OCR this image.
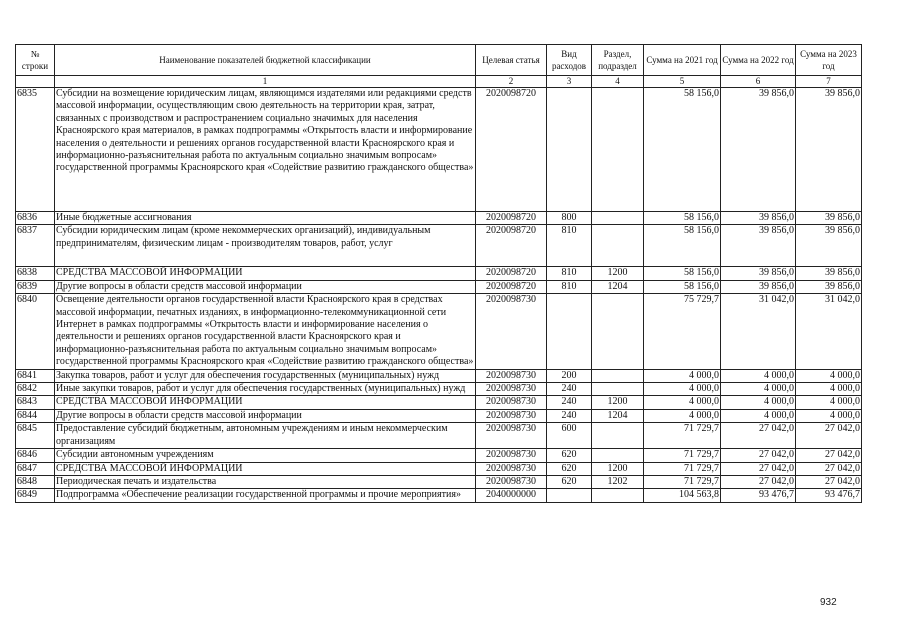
№ строки	Наименование показателей бюджетной классификации	Целевая статья	Вид расходов	Раздел, подраздел	Сумма на 2021 год	Сумма на 2022 год	Сумма на 2023 год
	1	2	3	4	5	6	7
6835	Субсидии на возмещение юридическим лицам, являющимся издателями или редакциями средств массовой информации, осуществляющим свою деятельность на территории края, затрат, связанных с производством и распространением социально значимых для населения Красноярского края материалов, в рамках подпрограммы «Открытость власти и информирование населения о деятельности и решениях органов государственной власти Красноярского края и информационно-разъяснительная работа по актуальным социально значимым вопросам» государственной программы Красноярского края «Содействие развитию гражданского общества»	2020098720			58 156,0	39 856,0	39 856,0
6836	Иные бюджетные ассигнования	2020098720	800		58 156,0	39 856,0	39 856,0
6837	Субсидии юридическим лицам (кроме некоммерческих организаций), индивидуальным предпринимателям, физическим лицам - производителям товаров, работ, услуг	2020098720	810		58 156,0	39 856,0	39 856,0
6838	СРЕДСТВА МАССОВОЙ ИНФОРМАЦИИ	2020098720	810	1200	58 156,0	39 856,0	39 856,0
6839	Другие вопросы в области средств массовой информации	2020098720	810	1204	58 156,0	39 856,0	39 856,0
6840	Освещение деятельности органов государственной власти Красноярского края в средствах массовой информации, печатных изданиях, в информационно-телекоммуникационной сети Интернет в рамках подпрограммы «Открытость власти и информирование населения о деятельности и решениях органов государственной власти Красноярского края и информационно-разъяснительная работа по актуальным социально значимым вопросам» государственной программы Красноярского края «Содействие развитию гражданского общества»	2020098730			75 729,7	31 042,0	31 042,0
6841	Закупка товаров, работ и услуг для обеспечения государственных (муниципальных) нужд	2020098730	200		4 000,0	4 000,0	4 000,0
6842	Иные закупки товаров, работ и услуг для обеспечения государственных (муниципальных) нужд	2020098730	240		4 000,0	4 000,0	4 000,0
6843	СРЕДСТВА МАССОВОЙ ИНФОРМАЦИИ	2020098730	240	1200	4 000,0	4 000,0	4 000,0
6844	Другие вопросы в области средств массовой информации	2020098730	240	1204	4 000,0	4 000,0	4 000,0
6845	Предоставление субсидий бюджетным, автономным учреждениям и иным некоммерческим организациям	2020098730	600		71 729,7	27 042,0	27 042,0
6846	Субсидии автономным учреждениям	2020098730	620		71 729,7	27 042,0	27 042,0
6847	СРЕДСТВА МАССОВОЙ ИНФОРМАЦИИ	2020098730	620	1200	71 729,7	27 042,0	27 042,0
6848	Периодическая печать и издательства	2020098730	620	1202	71 729,7	27 042,0	27 042,0
6849	Подпрограмма «Обеспечение реализации государственной программы и прочие мероприятия»	2040000000			104 563,8	93 476,7	93 476,7
932
